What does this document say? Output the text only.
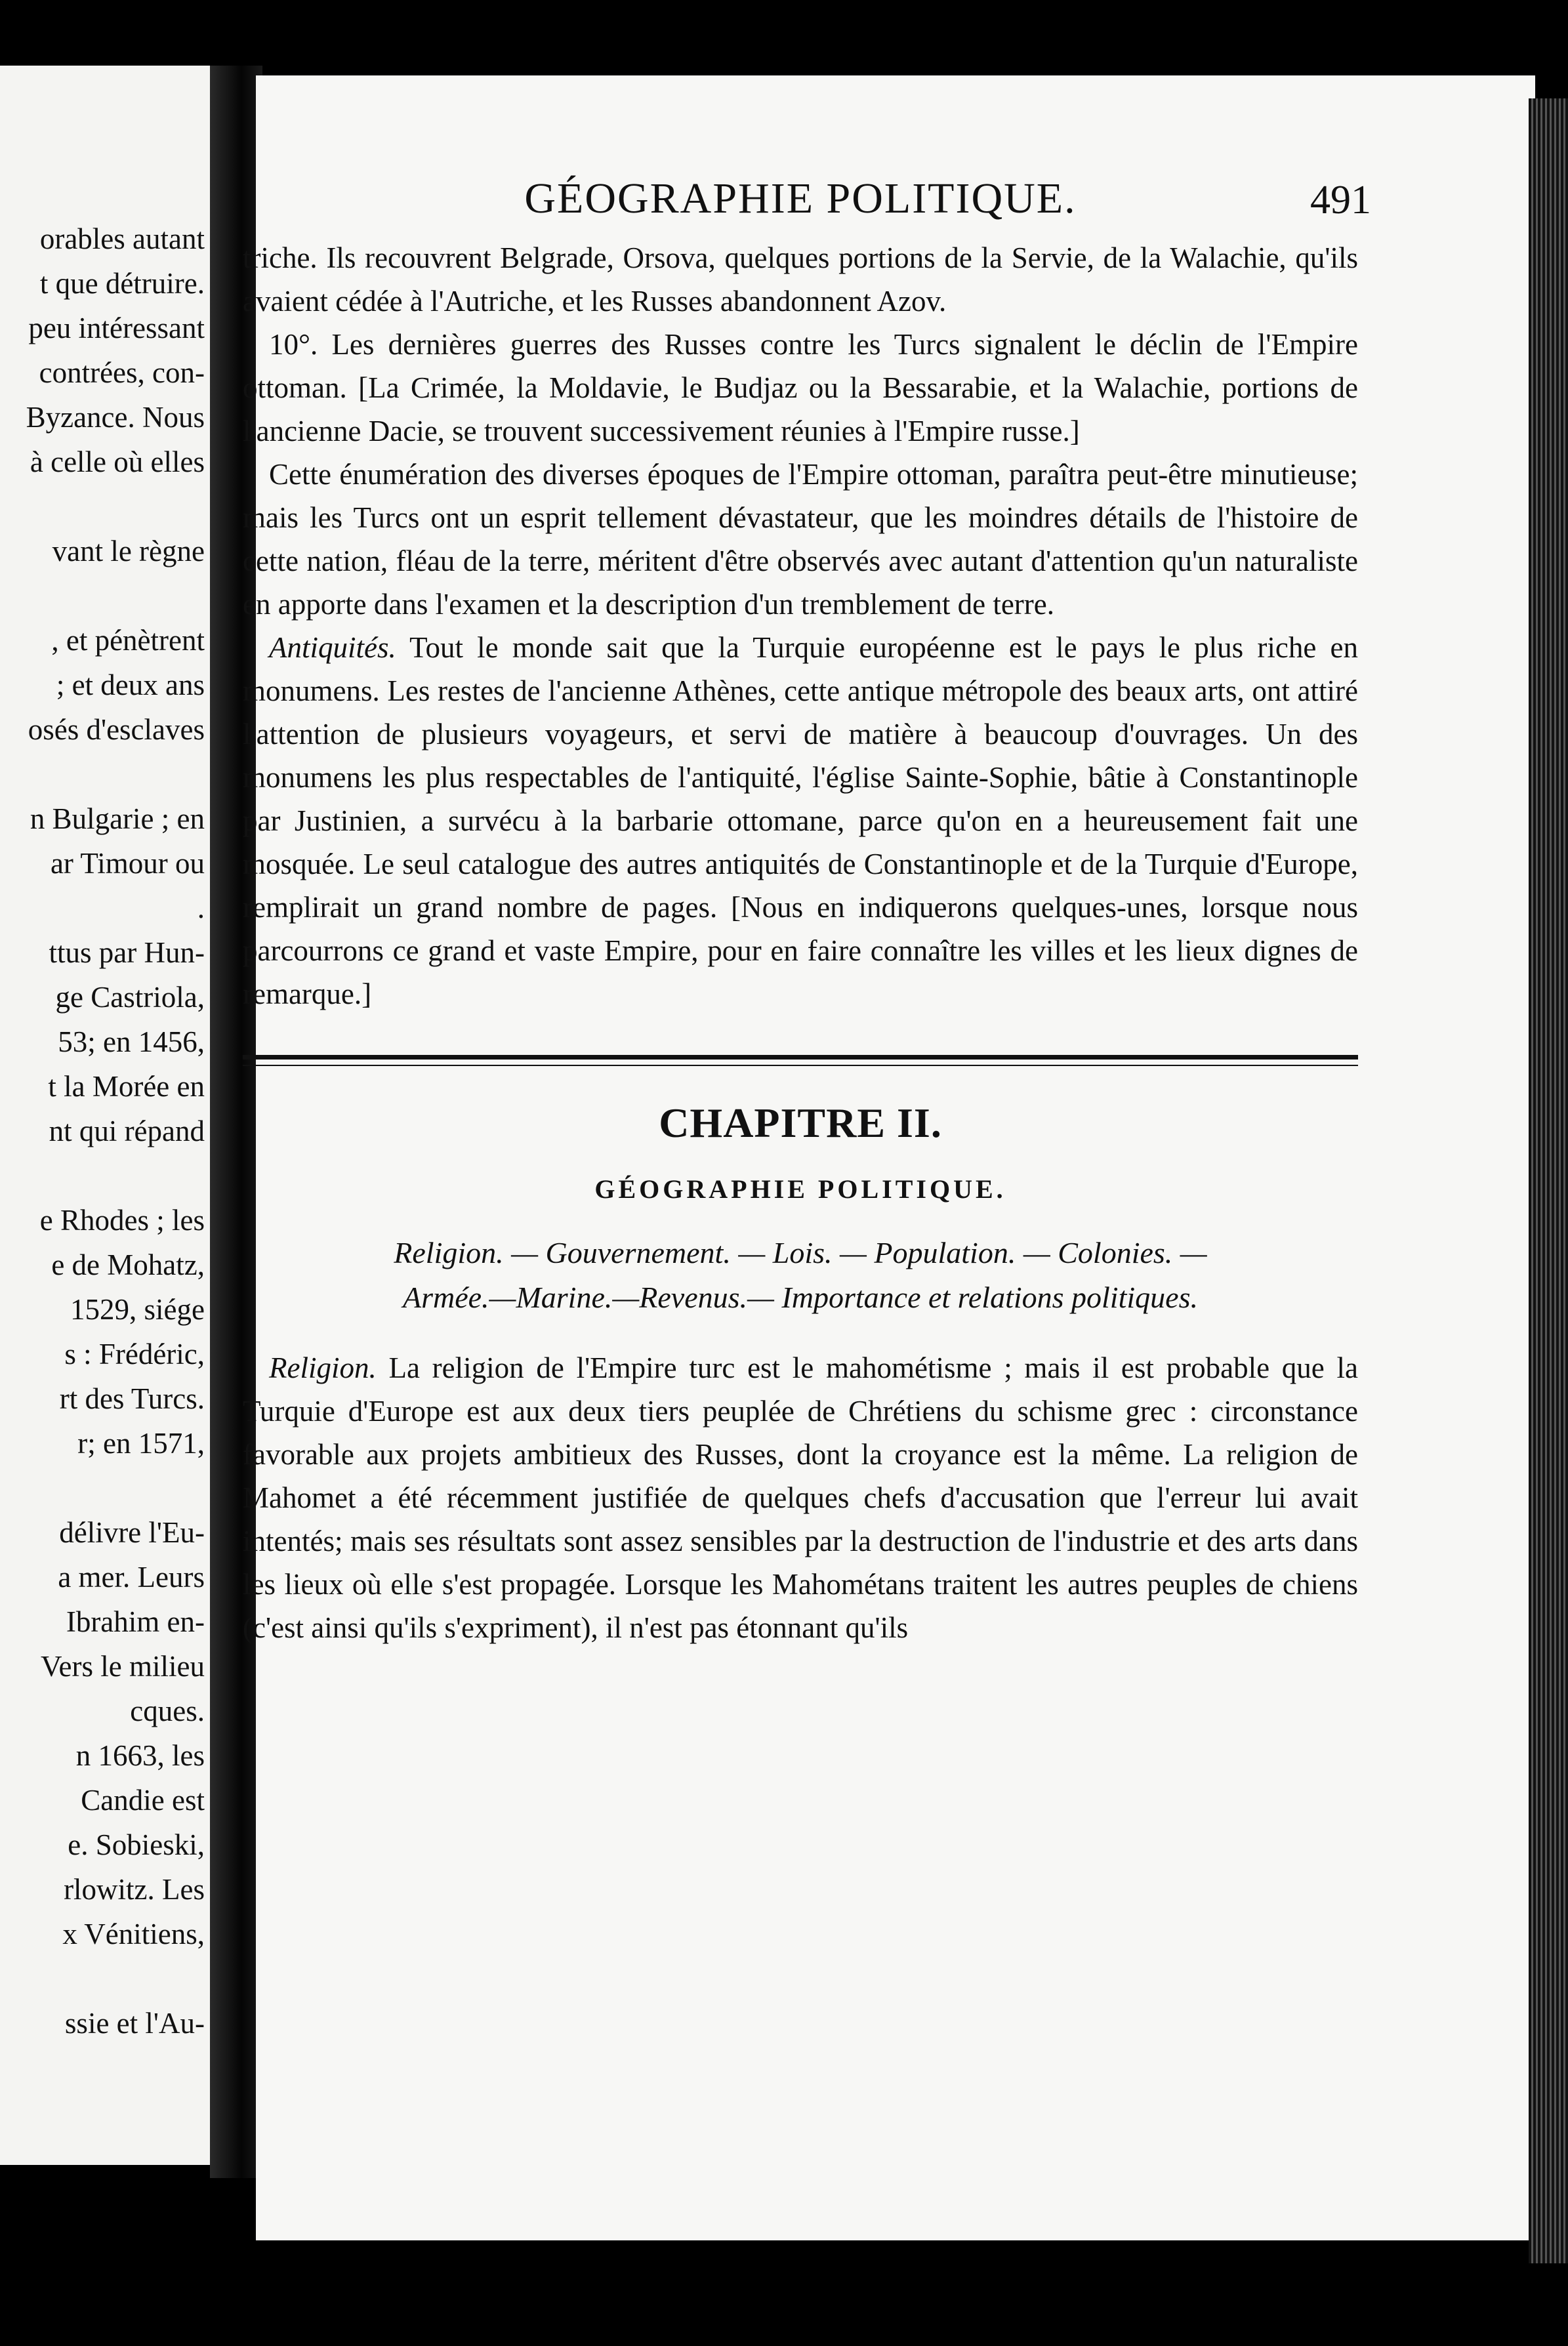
orables autant
t que détruire.
peu intéressant
contrées, con-
Byzance. Nous
à celle où elles

vant le règne

, et pénètrent
; et deux ans
osés d'esclaves

n Bulgarie ; en
ar Timour ou
.
ttus par Hun-
ge Castriola,
53; en 1456,
t la Morée en
nt qui répand

e Rhodes ; les
e de Mohatz,
1529, siége
s : Frédéric,
rt des Turcs.
r; en 1571,

délivre l'Eu-
a mer. Leurs
Ibrahim en-
Vers le milieu
cques.
n 1663, les
Candie est
e. Sobieski,
rlowitz. Les
x Vénitiens,

ssie et l'Au-
GÉOGRAPHIE POLITIQUE.	491

triche. Ils recouvrent Belgrade, Orsova, quelques portions de la Servie, de la Walachie, qu'ils avaient cédée à l'Autriche, et les Russes abandonnent Azov.

10°. Les dernières guerres des Russes contre les Turcs signalent le déclin de l'Empire ottoman. [La Crimée, la Moldavie, le Budjaz ou la Bessarabie, et la Walachie, portions de l'ancienne Dacie, se trouvent successivement réunies à l'Empire russe.]

Cette énumération des diverses époques de l'Empire ottoman, paraîtra peut-être minutieuse; mais les Turcs ont un esprit tellement dévastateur, que les moindres détails de l'histoire de cette nation, fléau de la terre, méritent d'être observés avec autant d'attention qu'un naturaliste en apporte dans l'examen et la description d'un tremblement de terre.

Antiquités. Tout le monde sait que la Turquie européenne est le pays le plus riche en monumens. Les restes de l'ancienne Athènes, cette antique métropole des beaux arts, ont attiré l'attention de plusieurs voyageurs, et servi de matière à beaucoup d'ouvrages. Un des monumens les plus respectables de l'antiquité, l'église Sainte-Sophie, bâtie à Constantinople par Justinien, a survécu à la barbarie ottomane, parce qu'on en a heureusement fait une mosquée. Le seul catalogue des autres antiquités de Constantinople et de la Turquie d'Europe, remplirait un grand nombre de pages. [Nous en indiquerons quelques-unes, lorsque nous parcourrons ce grand et vaste Empire, pour en faire connaître les villes et les lieux dignes de remarque.]

CHAPITRE II.
GÉOGRAPHIE POLITIQUE.
Religion. — Gouvernement. — Lois. — Population. — Colonies. —
Armée.—Marine.—Revenus.— Importance et relations politiques.

Religion. La religion de l'Empire turc est le mahométisme ; mais il est probable que la Turquie d'Europe est aux deux tiers peuplée de Chrétiens du schisme grec : circonstance favorable aux projets ambitieux des Russes, dont la croyance est la même. La religion de Mahomet a été récemment justifiée de quelques chefs d'accusation que l'erreur lui avait intentés; mais ses résultats sont assez sensibles par la destruction de l'industrie et des arts dans les lieux où elle s'est propagée. Lorsque les Mahométans traitent les autres peuples de chiens (c'est ainsi qu'ils s'expriment), il n'est pas étonnant qu'ils
